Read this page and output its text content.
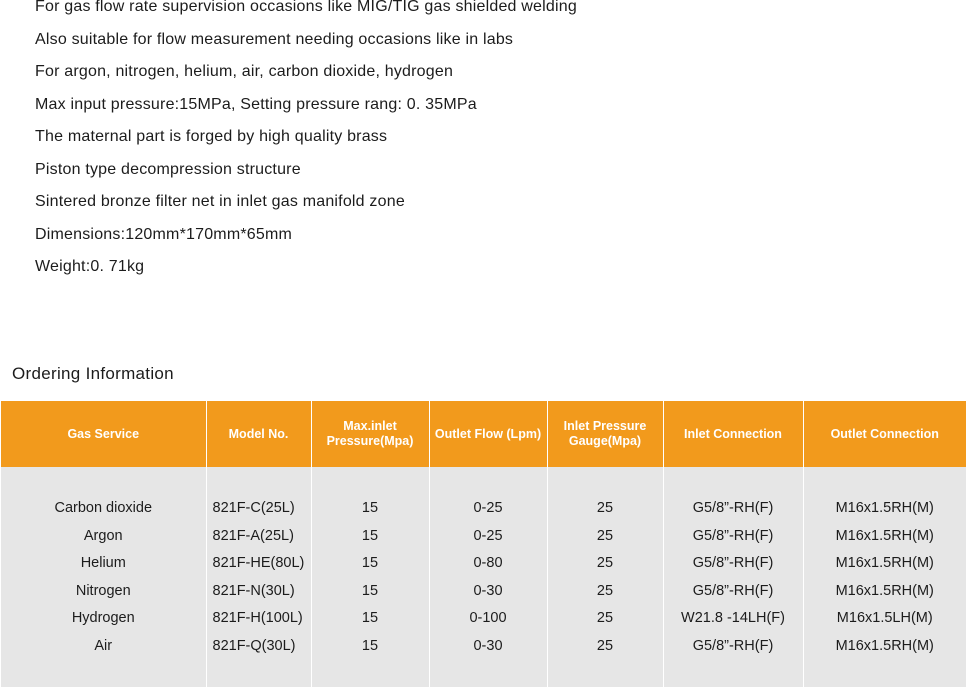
For gas flow rate supervision occasions like MIG/TIG gas shielded welding
Also suitable for flow measurement needing occasions like in labs
For argon, nitrogen, helium, air, carbon dioxide, hydrogen
Max input pressure:15MPa, Setting pressure rang: 0. 35MPa
The maternal part is forged by high quality brass
Piston type decompression structure
Sintered bronze filter net in inlet gas manifold zone
Dimensions:120mm*170mm*65mm
Weight:0. 71kg
Ordering Information
Gas Service	Model No.	Max.inlet Pressure(Mpa)	Outlet Flow (Lpm)	Inlet Pressure Gauge(Mpa)	Inlet Connection	Outlet Connection

Carbon dioxide	821F-C(25L)	15	0-25	25	G5/8”-RH(F)	M16x1.5RH(M)
Argon	821F-A(25L)	15	0-25	25	G5/8”-RH(F)	M16x1.5RH(M)
Helium	821F-HE(80L)	15	0-80	25	G5/8”-RH(F)	M16x1.5RH(M)
Nitrogen	821F-N(30L)	15	0-30	25	G5/8”-RH(F)	M16x1.5RH(M)
Hydrogen	821F-H(100L)	15	0-100	25	W21.8 -14LH(F)	M16x1.5LH(M)
Air	821F-Q(30L)	15	0-30	25	G5/8”-RH(F)	M16x1.5RH(M)
